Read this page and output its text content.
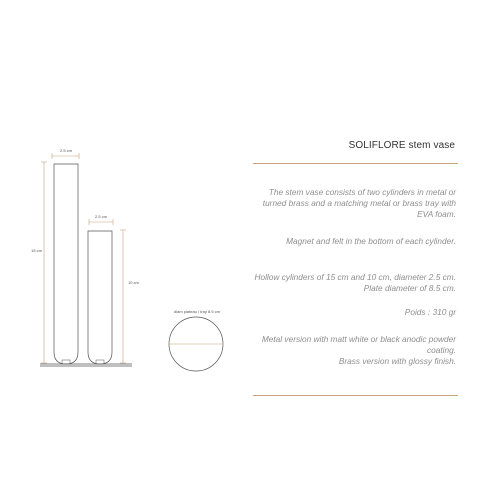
2.5 cm
15 cm
2.5 cm
10 cm
diam plateau / tray 8.5 cm
SOLIFLORE stem vase

The stem vase consists of two cylinders in metal or turned brass and a matching metal or brass tray with EVA foam.

Magnet and felt in the bottom of each cylinder.

Hollow cylinders of 15 cm and 10 cm, diameter 2.5 cm. Plate diameter of 8.5 cm.

Poids : 310 gr

Metal version with matt white or black anodic powder coating.

Brass version with glossy finish.
